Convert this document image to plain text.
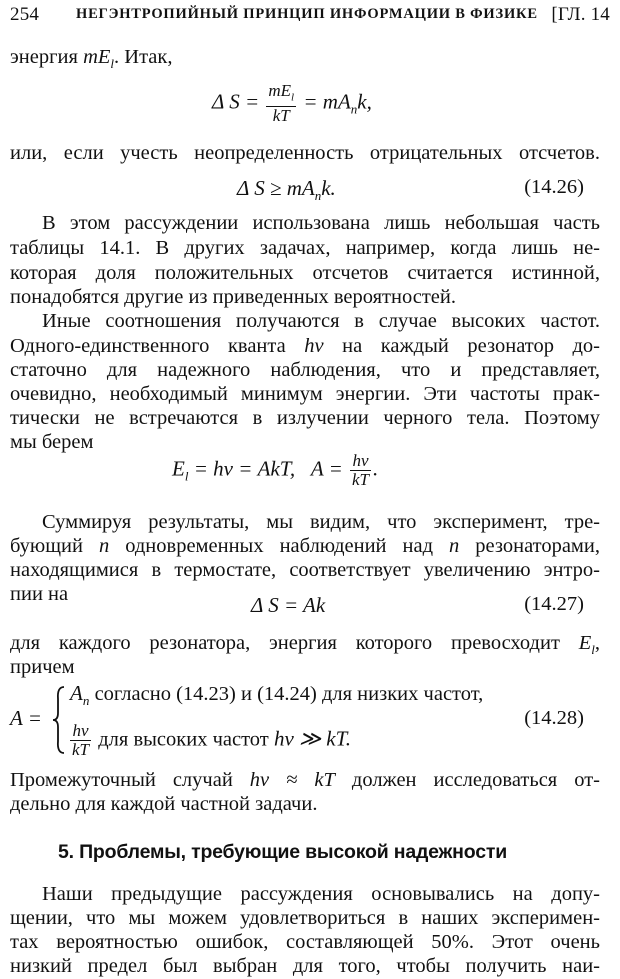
254	НЕГЭНТРОПИЙНЫЙ ПРИНЦИП ИНФОРМАЦИИ В ФИЗИКЕ [ГЛ. 14
энергия $mE_l$. Итак,
Δ $S = \frac{mE_l}{kT} = mA_nk$,
или, если учесть неопределенность отрицательных отсчетов.
Δ $S \ge mA_nk$.	(14.26)
В этом рассуждении использована лишь небольшая часть
таблицы 14.1. В других задачах, например, когда лишь не-
которая доля положительных отсчетов считается истинной,
понадобятся другие из приведенных вероятностей.
Иные соотношения получаются в случае высоких частот.
Одного-единственного кванта hν на каждый резонатор до-
статочно для надежного наблюдения, что и представляет,
очевидно, необходимый минимум энергии. Эти частоты прак-
тически не встречаются в излучении черного тела. Поэтому
мы берем
$E_l = h\nu$ = AkT, $A = \frac{h\nu}{kT}$ .
Суммируя результаты, мы видим, что эксперимент, тре-
бующий n одновременных наблюдений над n резонаторами,
находящимися в термостате, соответствует увеличению энтро-
пии на	Δ S = Ak	(14.27)
для каждого резонатора, энергия которого превосходит $E_l$,
причем
A =
$A_n$ согласно (14.23) и (14.24) для низких частот,
$\frac{h\nu}{kT}$ для высоких частот hν ≫ kT.
(14.28)
Промежуточный случай hν ≈ kT должен исследоваться от-
дельно для каждой частной задачи.
5. Проблемы, требующие высокой надежности
Наши предыдущие рассуждения основывались на допу-
щении, что мы можем удовлетвориться в наших эксперимен-
тах вероятностью ошибок, составляющей 50%. Этот очень
низкий предел был выбран для того, чтобы получить наи-
